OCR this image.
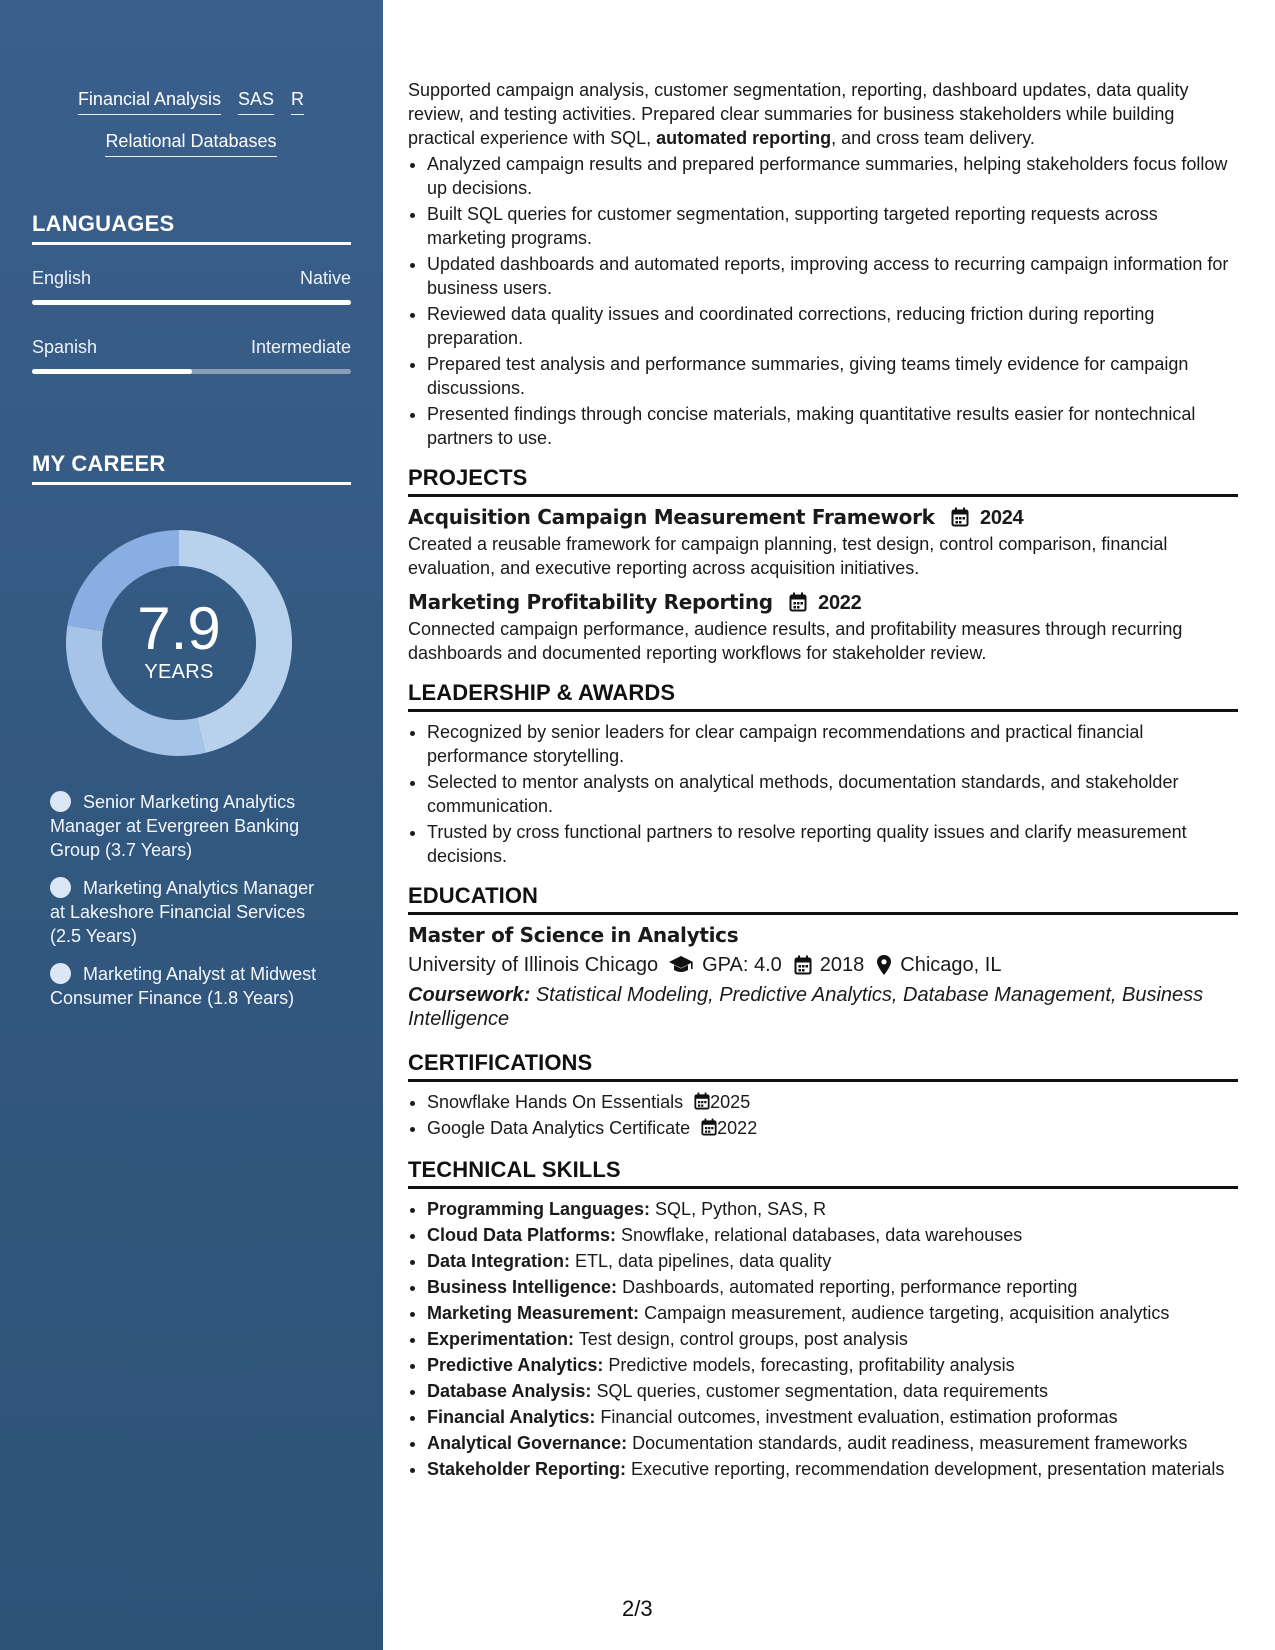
Financial Analysis SAS R
Relational Databases
LANGUAGES
English	Native
Spanish	Intermediate
MY CAREER
7.9
YEARS
Senior Marketing Analytics Manager at Evergreen Banking Group (3.7 Years)
Marketing Analytics Manager at Lakeshore Financial Services (2.5 Years)
Marketing Analyst at Midwest Consumer Finance (1.8 Years)

Supported campaign analysis, customer segmentation, reporting, dashboard updates, data quality review, and testing activities. Prepared clear summaries for business stakeholders while building practical experience with SQL, automated reporting, and cross team delivery.

• Analyzed campaign results and prepared performance summaries, helping stakeholders focus follow up decisions.
• Built SQL queries for customer segmentation, supporting targeted reporting requests across marketing programs.
• Updated dashboards and automated reports, improving access to recurring campaign information for business users.
• Reviewed data quality issues and coordinated corrections, reducing friction during reporting preparation.
• Prepared test analysis and performance summaries, giving teams timely evidence for campaign discussions.
• Presented findings through concise materials, making quantitative results easier for nontechnical partners to use.
PROJECTS
Acquisition Campaign Measurement Framework 2024

Created a reusable framework for campaign planning, test design, control comparison, financial evaluation, and executive reporting across acquisition initiatives.

Marketing Profitability Reporting 2022

Connected campaign performance, audience results, and profitability measures through recurring dashboards and documented reporting workflows for stakeholder review.

LEADERSHIP & AWARDS
• Recognized by senior leaders for clear campaign recommendations and practical financial performance storytelling.
• Selected to mentor analysts on analytical methods, documentation standards, and stakeholder communication.
• Trusted by cross functional partners to resolve reporting quality issues and clarify measurement decisions.
EDUCATION
Master of Science in Analytics
University of Illinois Chicago GPA: 4.0 2018 Chicago, IL
Coursework: Statistical Modeling, Predictive Analytics, Database Management, Business Intelligence
CERTIFICATIONS
• Snowflake Hands On Essentials 2025
• Google Data Analytics Certificate 2022
TECHNICAL SKILLS
• Programming Languages: SQL, Python, SAS, R
• Cloud Data Platforms: Snowflake, relational databases, data warehouses
• Data Integration: ETL, data pipelines, data quality
• Business Intelligence: Dashboards, automated reporting, performance reporting
• Marketing Measurement: Campaign measurement, audience targeting, acquisition analytics
• Experimentation: Test design, control groups, post analysis
• Predictive Analytics: Predictive models, forecasting, profitability analysis
• Database Analysis: SQL queries, customer segmentation, data requirements
• Financial Analytics: Financial outcomes, investment evaluation, estimation proformas
• Analytical Governance: Documentation standards, audit readiness, measurement frameworks
• Stakeholder Reporting: Executive reporting, recommendation development, presentation materials
2/3
